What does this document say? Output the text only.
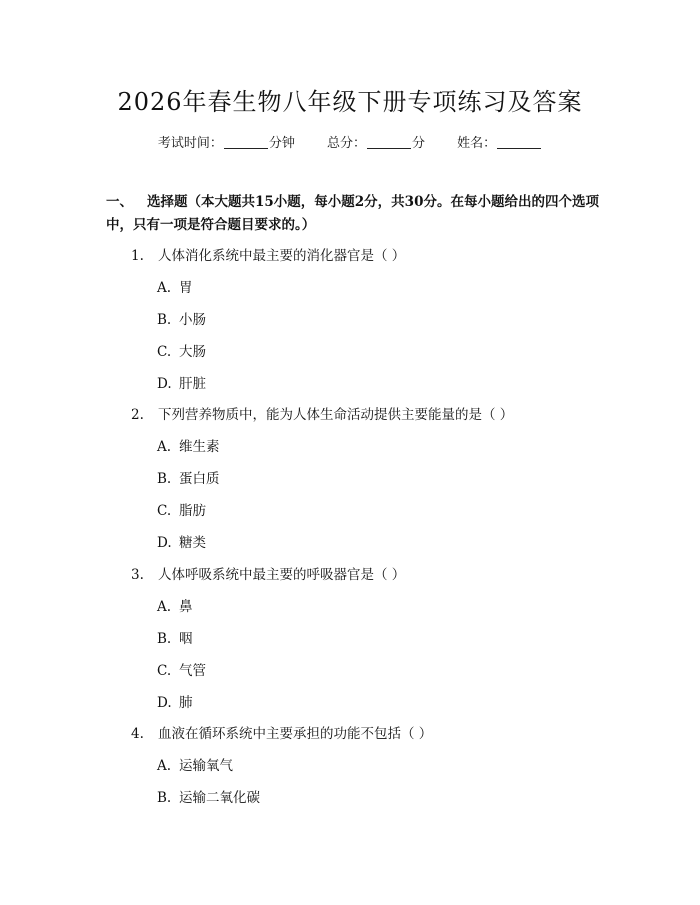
2026年春生物八年级下册专项练习及答案
考试时间：	分钟 总分：	分 姓名：
一、 选择题（本大题共15小题，每小题2分，共30分。在每小题给出的四个选项中，只有一项是符合题目要求的。）
1. 人体消化系统中最主要的消化器官是（ ）
A. 胃
B. 小肠
C. 大肠
D. 肝脏
2. 下列营养物质中，能为人体生命活动提供主要能量的是（ ）
A. 维生素
B. 蛋白质
C. 脂肪
D. 糖类
3. 人体呼吸系统中最主要的呼吸器官是（ ）
A. 鼻
B. 咽
C. 气管
D. 肺
4. 血液在循环系统中主要承担的功能不包括（ ）
A. 运输氧气
B. 运输二氧化碳
